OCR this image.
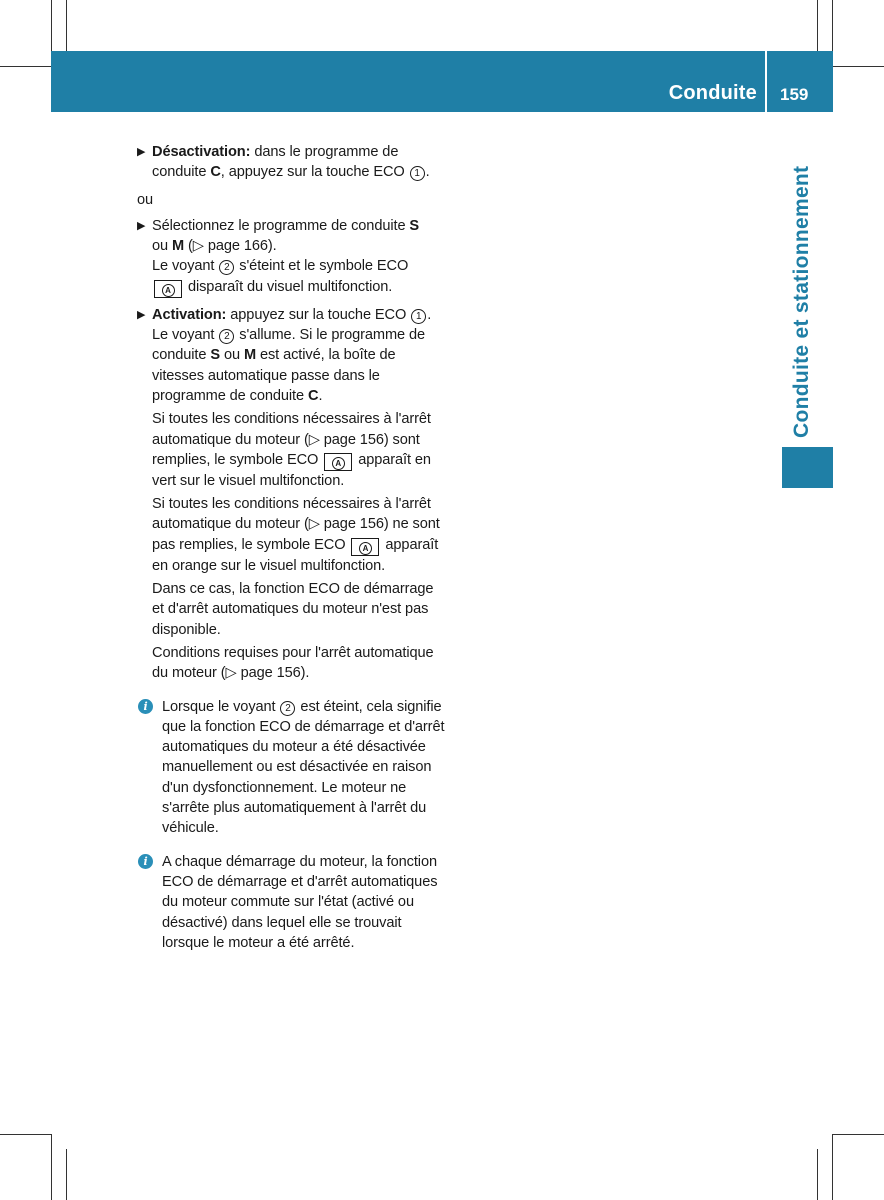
Conduite 159
Conduite et stationnement
▶ Désactivation: dans le programme de conduite C, appuyez sur la touche ECO 1 .
ou
▶ Sélectionnez le programme de conduite S
ou M (▷ page 166).
Le voyant 2 s'éteint et le symbole ECO
A disparaît du visuel multifonction.
▶ Activation: appuyez sur la touche ECO 1 . Le voyant 2 s'allume. Si le programme de conduite S ou M est activé, la boîte de vitesses automatique passe dans le programme de conduite C.
Si toutes les conditions nécessaires à l'arrêt automatique du moteur (▷ page 156) sont remplies, le symbole ECO A apparaît en vert sur le visuel multifonction.
Si toutes les conditions nécessaires à l'arrêt automatique du moteur (▷ page 156) ne sont pas remplies, le symbole ECO A apparaît en orange sur le visuel multifonction.
Dans ce cas, la fonction ECO de démarrage et d'arrêt automatiques du moteur n'est pas disponible.
Conditions requises pour l'arrêt automatique du moteur (▷ page 156).
i Lorsque le voyant 2 est éteint, cela signifie que la fonction ECO de démarrage et d'arrêt automatiques du moteur a été désactivée manuellement ou est désactivée en raison d'un dysfonctionnement. Le moteur ne s'arrête plus automatiquement à l'arrêt du véhicule.
i A chaque démarrage du moteur, la fonction ECO de démarrage et d'arrêt automatiques du moteur commute sur l'état (activé ou désactivé) dans lequel elle se trouvait lorsque le moteur a été arrêté.
